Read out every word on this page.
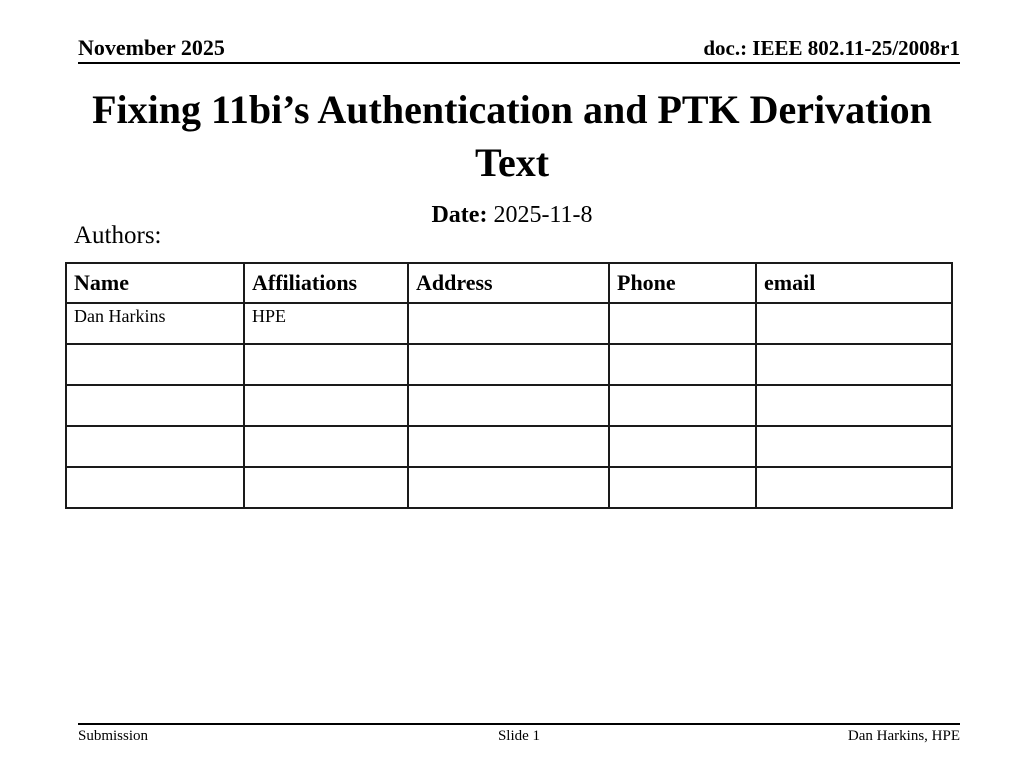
November 2025	doc.: IEEE 802.11-25/2008r1
Fixing 11bi’s Authentication and PTK Derivation Text
Date: 2025-11-8
Authors:
Name	Affiliations	Address	Phone	email
Dan Harkins	HPE			

Submission	Slide 1	Dan Harkins, HPE
